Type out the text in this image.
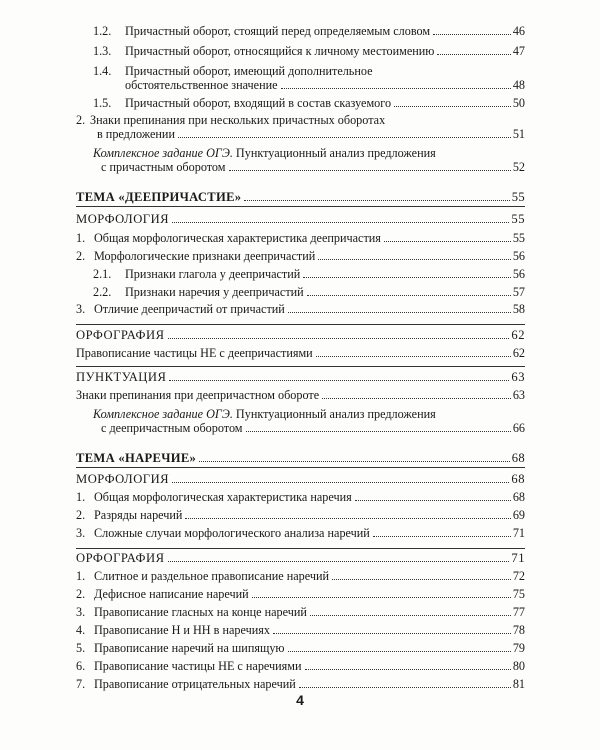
1.2.	Причастный оборот, стоящий перед определяемым словом	46
1.3.	Причастный оборот, относящийся к личному местоимению	47
1.4. Причастный оборот, имеющий дополнительное
обстоятельственное значение	48
1.5.	Причастный оборот, входящий в состав сказуемого	50
2. Знаки препинания при нескольких причастных оборотах
в предложении	51
Комплексное задание ОГЭ. Пунктуационный анализ предложения
с причастным оборотом	52
ТЕМА «ДЕЕПРИЧАСТИЕ»	55
МОРФОЛОГИЯ	55
1. Общая морфологическая характеристика деепричастия	55
2. Морфологические признаки деепричастий	56
2.1.	Признаки глагола у деепричастий	56
2.2.	Признаки наречия у деепричастий	57
3. Отличие деепричастий от причастий	58
ОРФОГРАФИЯ	62
Правописание частицы НЕ с деепричастиями	62
ПУНКТУАЦИЯ	63
Знаки препинания при деепричастном обороте	63
Комплексное задание ОГЭ. Пунктуационный анализ предложения
с деепричастным оборотом	66
ТЕМА «НАРЕЧИЕ»	68
МОРФОЛОГИЯ	68
1. Общая морфологическая характеристика наречия	68
2. Разряды наречий	69
3. Сложные случаи морфологического анализа наречий	71
ОРФОГРАФИЯ	71
1. Слитное и раздельное правописание наречий	72
2. Дефисное написание наречий	75
3. Правописание гласных на конце наречий	77
4. Правописание Н и НН в наречиях	78
5. Правописание наречий на шипящую	79
6. Правописание частицы НЕ с наречиями	80
7. Правописание отрицательных наречий	81
4
